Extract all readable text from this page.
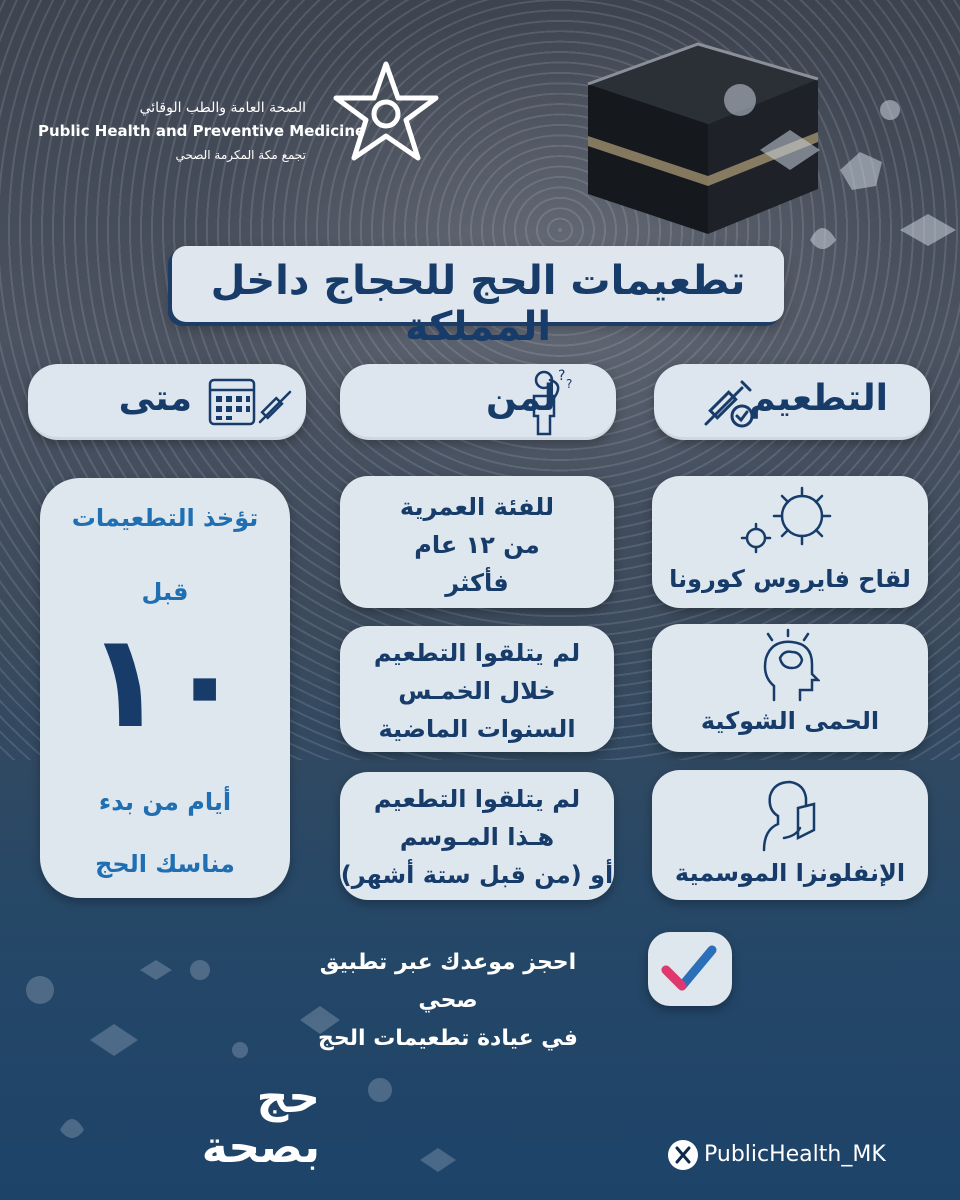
الصحة العامة والطب الوقائي
Public Health and Preventive Medicine
تجمع مكة المكرمة الصحي
تطعيمات الحج للحجاج داخل المملكة
التطعيم
لمن
? ?
متى
لقاح فايروس كورونا
الحمى الشوكية
الإنفلونزا الموسمية
للفئة العمرية
من ١٢ عام
فأكثر
لم يتلقوا التطعيم
خلال الخمـس
السنوات الماضية
لم يتلقوا التطعيم
هـذا المـوسم
أو (من قبل ستة أشهر)
تؤخذ التطعيمات
قبل
١٠
أيام من بدء
مناسك الحج
احجز موعدك عبر تطبيق صحي
في عيادة تطعيمات الحج
حج
بصحة	PublicHealth_MK
